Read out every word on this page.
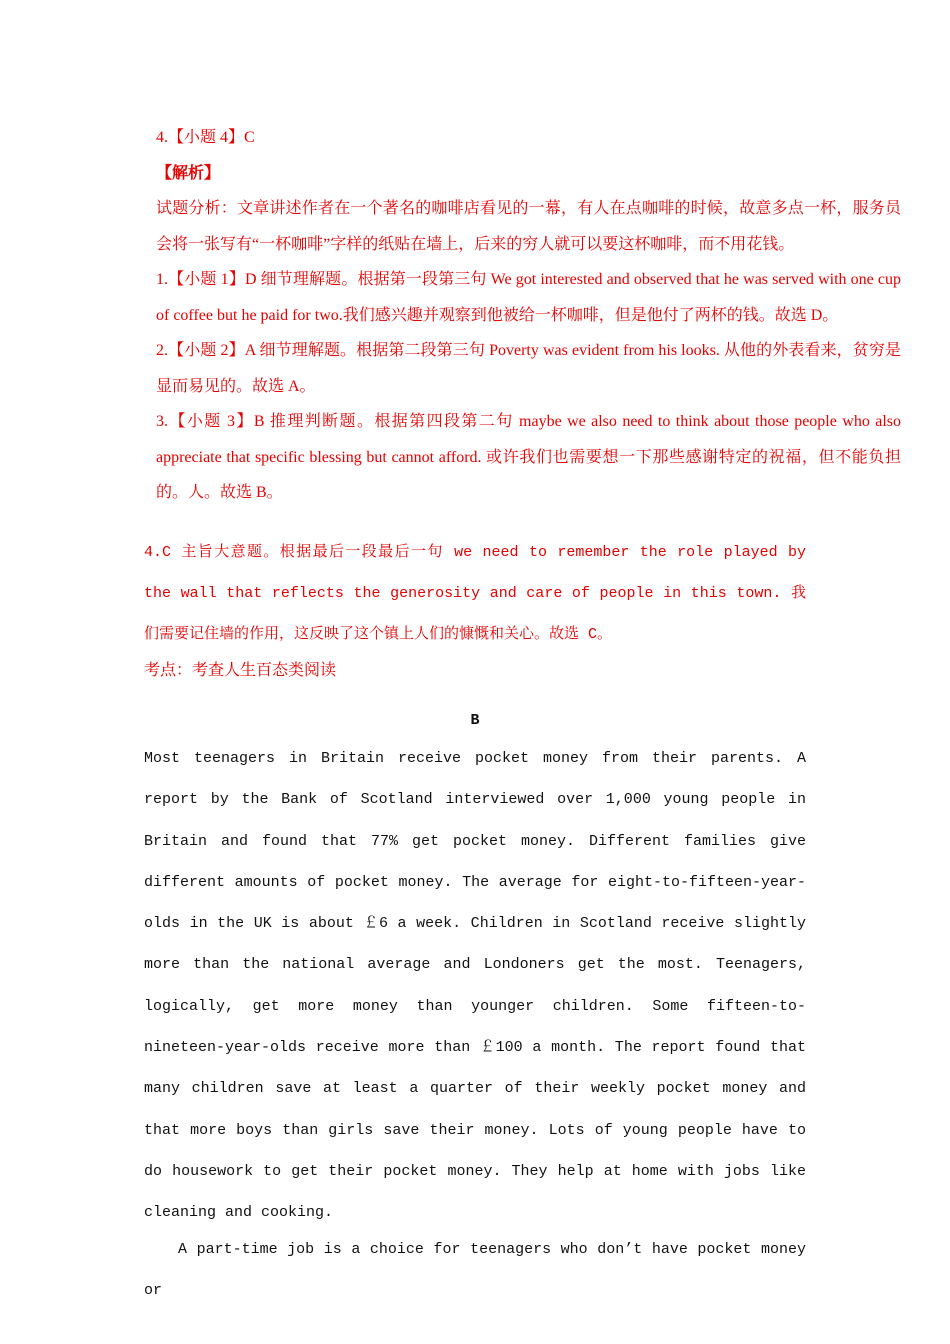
4.【小题 4】C

【解析】

试题分析：文章讲述作者在一个著名的咖啡店看见的一幕，有人在点咖啡的时候，故意多点一杯，服务员会将一张写有“一杯咖啡”字样的纸贴在墙上，后来的穷人就可以要这杯咖啡，而不用花钱。

1.【小题 1】D 细节理解题。根据第一段第三句 We got interested and observed that he was served with one cup of coffee but he paid for two.我们感兴趣并观察到他被给一杯咖啡，但是他付了两杯的钱。故选 D。

2.【小题 2】A 细节理解题。根据第二段第三句 Poverty was evident from his looks. 从他的外表看来，贫穷是显而易见的。故选 A。

3.【小题 3】B 推理判断题。根据第四段第二句 maybe we also need to think about those people who also appreciate that specific blessing but cannot afford. 或许我们也需要想一下那些感谢特定的祝福，但不能负担的。人。故选 B。

4.C 主旨大意题。根据最后一段最后一句 we need to remember the role played by the wall that reflects the generosity and care of people in this town. 我们需要记住墙的作用，这反映了这个镇上人们的慷慨和关心。故选 C。

考点：考查人生百态类阅读
B

Most teenagers in Britain receive pocket money from their parents. A report by the Bank of Scotland interviewed over 1,000 young people in Britain and found that 77% get pocket money. Different families give different amounts of pocket money. The average for eight-to-fifteen-year-olds in the UK is about ￡6 a week. Children in Scotland receive slightly more than the national average and Londoners get the most. Teenagers, logically, get more money than younger children. Some fifteen-to-nineteen-year-olds receive more than ￡100 a month. The report found that many children save at least a quarter of their weekly pocket money and that more boys than girls save their money. Lots of young people have to do housework to get their pocket money. They help at home with jobs like cleaning and cooking.

A part-time job is a choice for teenagers who don’t have pocket money or
